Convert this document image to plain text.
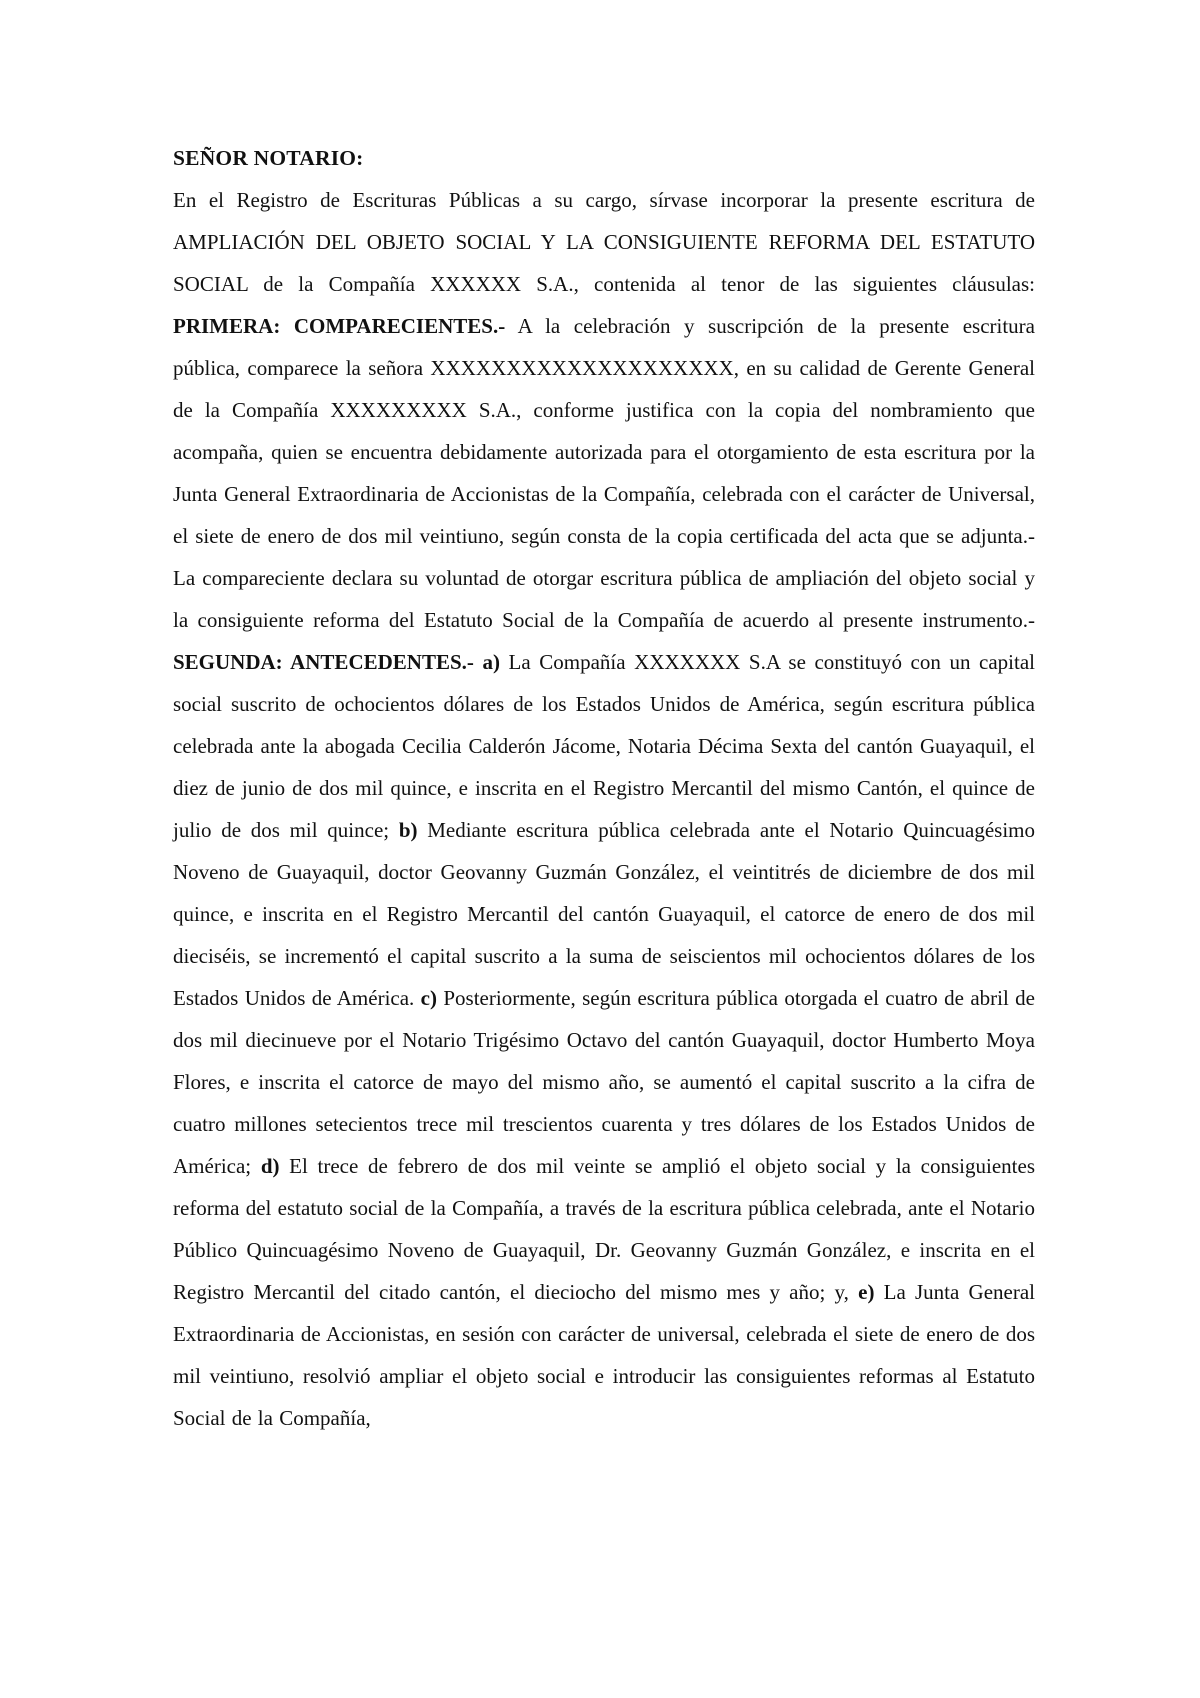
SEÑOR NOTARIO:

En el Registro de Escrituras Públicas a su cargo, sírvase incorporar la presente escritura de AMPLIACIÓN DEL OBJETO SOCIAL Y LA CONSIGUIENTE REFORMA DEL ESTATUTO SOCIAL de la Compañía XXXXXX S.A., contenida al tenor de las siguientes cláusulas: PRIMERA: COMPARECIENTES.- A la celebración y suscripción de la presente escritura pública, comparece la señora XXXXXXXXXXXXXXXXXXXX, en su calidad de Gerente General de la Compañía XXXXXXXXX S.A., conforme justifica con la copia del nombramiento que acompaña, quien se encuentra debidamente autorizada para el otorgamiento de esta escritura por la Junta General Extraordinaria de Accionistas de la Compañía, celebrada con el carácter de Universal, el siete de enero de dos mil veintiuno, según consta de la copia certificada del acta que se adjunta.- La compareciente declara su voluntad de otorgar escritura pública de ampliación del objeto social y la consiguiente reforma del Estatuto Social de la Compañía de acuerdo al presente instrumento.- SEGUNDA: ANTECEDENTES.- a) La Compañía XXXXXXX S.A se constituyó con un capital social suscrito de ochocientos dólares de los Estados Unidos de América, según escritura pública celebrada ante la abogada Cecilia Calderón Jácome, Notaria Décima Sexta del cantón Guayaquil, el diez de junio de dos mil quince, e inscrita en el Registro Mercantil del mismo Cantón, el quince de julio de dos mil quince; b) Mediante escritura pública celebrada ante el Notario Quincuagésimo Noveno de Guayaquil, doctor Geovanny Guzmán González, el veintitrés de diciembre de dos mil quince, e inscrita en el Registro Mercantil del cantón Guayaquil, el catorce de enero de dos mil dieciséis, se incrementó el capital suscrito a la suma de seiscientos mil ochocientos dólares de los Estados Unidos de América. c) Posteriormente, según escritura pública otorgada el cuatro de abril de dos mil diecinueve por el Notario Trigésimo Octavo del cantón Guayaquil, doctor Humberto Moya Flores, e inscrita el catorce de mayo del mismo año, se aumentó el capital suscrito a la cifra de cuatro millones setecientos trece mil trescientos cuarenta y tres dólares de los Estados Unidos de América; d) El trece de febrero de dos mil veinte se amplió el objeto social y la consiguientes reforma del estatuto social de la Compañía, a través de la escritura pública celebrada, ante el Notario Público Quincuagésimo Noveno de Guayaquil, Dr. Geovanny Guzmán González, e inscrita en el Registro Mercantil del citado cantón, el dieciocho del mismo mes y año; y, e) La Junta General Extraordinaria de Accionistas, en sesión con carácter de universal, celebrada el siete de enero de dos mil veintiuno, resolvió ampliar el objeto social e introducir las consiguientes reformas al Estatuto Social de la Compañía,
